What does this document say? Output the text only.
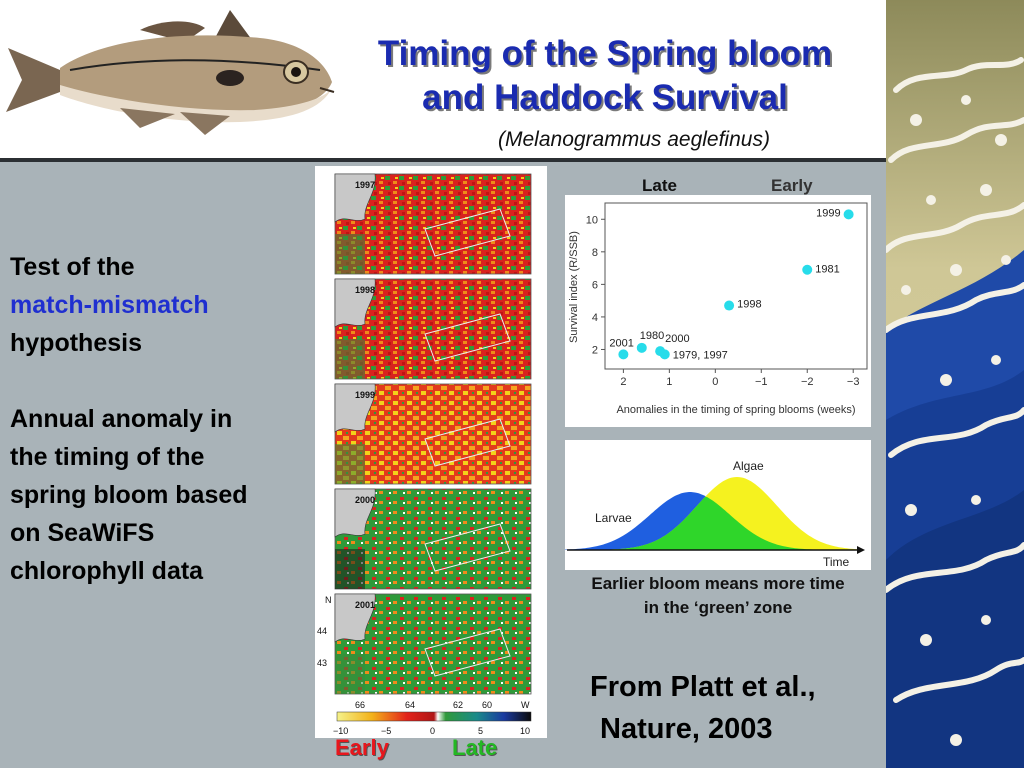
Timing of the Spring bloom
and Haddock Survival
(Melanogrammus aeglefinus)
Test of the
match-mismatch
hypothesis
Annual anomaly in
the timing of the
spring bloom based
on SeaWiFS
chlorophyll data
1997
1998
1999
2000
2001
N
44
43
66	64	62 60	W
−10	−5	0	5	10
Early	Late
Late	Early
2	1	0	−1	−2	−3
2
4
6
8
10
2001
1980 2000
1979, 1997
1998
1981
1999
Survival index (R/SSB)
Anomalies in the timing of spring blooms (weeks)
Larvae
Algae
Time
Earlier bloom means more time
in the ‘green’ zone
From Platt et al.,
Nature, 2003
